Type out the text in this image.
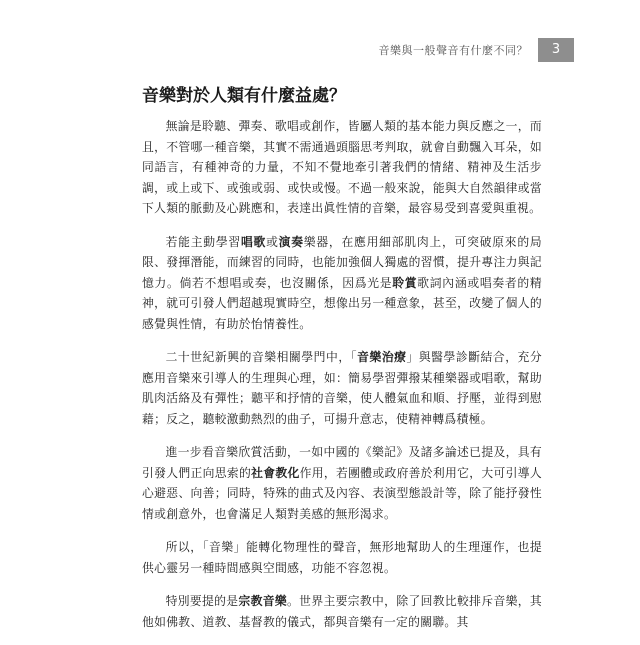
音樂與一般聲音有什麼不同？	3
音樂對於人類有什麼益處？

無論是聆聽、彈奏、歌唱或創作，皆屬人類的基本能力與反應之一，而且，不管哪一種音樂，其實不需通過頭腦思考判取，就會自動飄入耳朵，如同語言，有種神奇的力量，不知不覺地牽引著我們的情緒、精神及生活步調，或上或下、或強或弱、或快或慢。不過一般來說，能與大自然韻律或當下人類的脈動及心跳應和，表達出眞性情的音樂，最容易受到喜愛與重視。

若能主動學習唱歌或演奏樂器，在應用細部肌肉上，可突破原來的局限、發揮潛能，而練習的同時，也能加強個人獨處的習慣，提升專注力與記憶力。倘若不想唱或奏，也沒關係，因爲光是聆賞歌詞內涵或唱奏者的精神，就可引發人們超越現實時空，想像出另一種意象，甚至，改變了個人的感覺與性情，有助於怡情養性。

二十世紀新興的音樂相關學門中，「音樂治療」與醫學診斷結合，充分應用音樂來引導人的生理與心理，如：簡易學習彈撥某種樂器或唱歌，幫助肌肉活絡及有彈性；聽平和抒情的音樂，使人體氣血和順、抒壓，並得到慰藉；反之，聽較激動熱烈的曲子，可揚升意志，使精神轉爲積極。

進一步看音樂欣賞活動，一如中國的《樂記》及諸多論述已提及，具有引發人們正向思索的社會教化作用，若團體或政府善於利用它，大可引導人心避惡、向善；同時，特殊的曲式及內容、表演型態設計等，除了能抒發性情或創意外，也會滿足人類對美感的無形渴求。

所以，「音樂」能轉化物理性的聲音，無形地幫助人的生理運作，也提供心靈另一種時間感與空間感，功能不容忽視。

特別要提的是宗教音樂。世界主要宗教中，除了回教比較排斥音樂，其他如佛教、道教、基督教的儀式，都與音樂有一定的關聯。其
